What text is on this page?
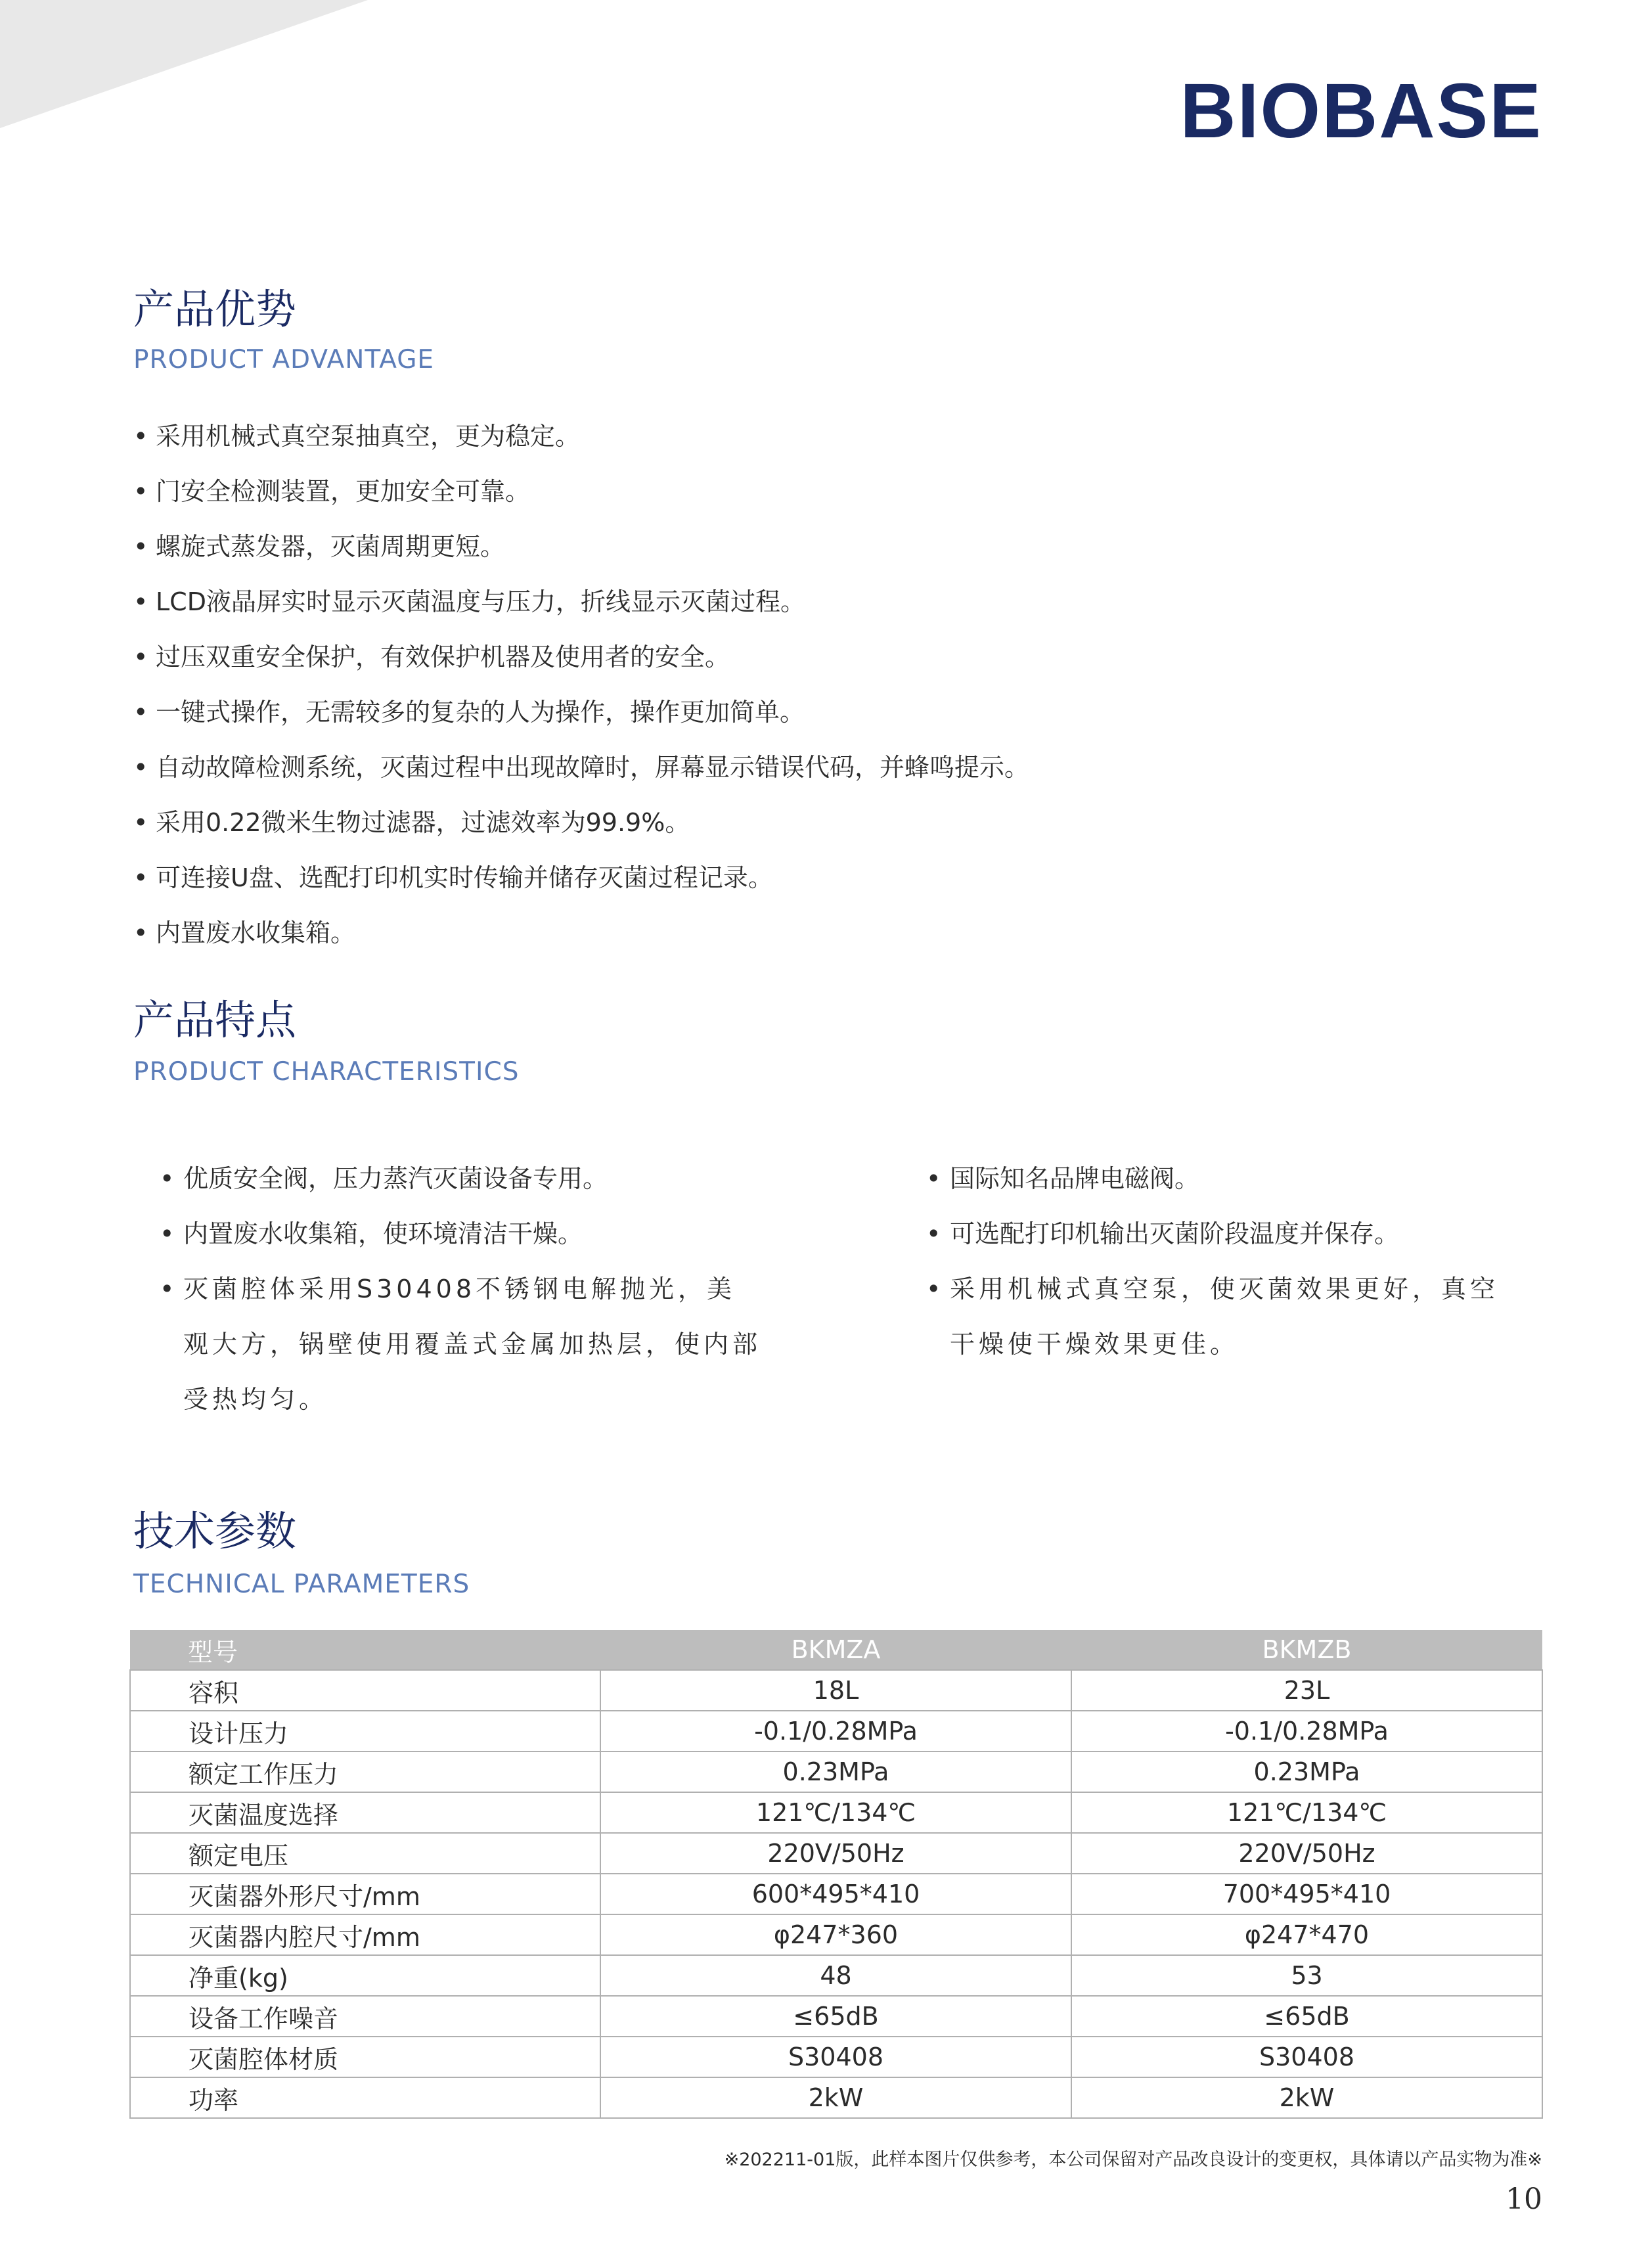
BIOBASE
产品优势
PRODUCT ADVANTAGE
• 采用机械式真空泵抽真空，更为稳定。
• 门安全检测装置，更加安全可靠。
• 螺旋式蒸发器，灭菌周期更短。
• LCD液晶屏实时显示灭菌温度与压力，折线显示灭菌过程。
• 过压双重安全保护，有效保护机器及使用者的安全。
• 一键式操作，无需较多的复杂的人为操作，操作更加简单。
• 自动故障检测系统，灭菌过程中出现故障时，屏幕显示错误代码，并蜂鸣提示。
• 采用0.22微米生物过滤器，过滤效率为99.9%。
• 可连接U盘、选配打印机实时传输并储存灭菌过程记录。
• 内置废水收集箱。
产品特点
PRODUCT CHARACTERISTICS
• 优质安全阀，压力蒸汽灭菌设备专用。
• 内置废水收集箱，使环境清洁干燥。
• 灭菌腔体采用S30408不锈钢电解抛光，美观大方，锅壁使用覆盖式金属加热层，使内部受热均匀。
• 国际知名品牌电磁阀。
• 可选配打印机输出灭菌阶段温度并保存。
• 采用机械式真空泵，使灭菌效果更好，真空干燥使干燥效果更佳。
技术参数
TECHNICAL PARAMETERS
型号	BKMZA	BKMZB
容积	18L	23L
设计压力	-0.1/0.28MPa	-0.1/0.28MPa
额定工作压力	0.23MPa	0.23MPa
灭菌温度选择	121℃/134℃	121℃/134℃
额定电压	220V/50Hz	220V/50Hz
灭菌器外形尺寸/mm	600*495*410	700*495*410
灭菌器内腔尺寸/mm	φ247*360	φ247*470
净重(kg)	48	53
设备工作噪音	≤65dB	≤65dB
灭菌腔体材质	S30408	S30408
功率	2kW	2kW
※202211-01版，此样本图片仅供参考，本公司保留对产品改良设计的变更权，具体请以产品实物为准※
10
